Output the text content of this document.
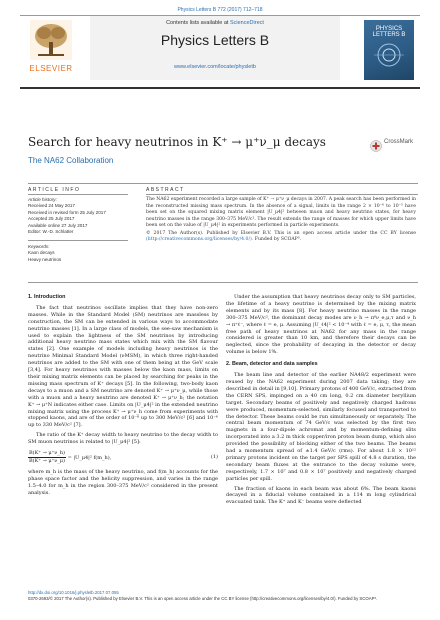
Physics Letters B 772 (2017) 712–718
ELSEVIER
Contents lists available at ScienceDirect
Physics Letters B
www.elsevier.com/locate/physletb
PHYSICS LETTERS B
Search for heavy neutrinos in K⁺ → μ⁺ν_μ decays
The NA62 Collaboration
CrossMark
ARTICLE INFO	ABSTRACT
Article history:
Received 24 May 2017
Received in revised form 25 July 2017
Accepted 25 July 2017
Available online 27 July 2017
Editor: W.-D. Schlatter
Keywords:
Kaon decays
Heavy neutrinos
The NA62 experiment recorded a large sample of K⁺ → μ⁺ν_μ decays in 2007. A peak search has been performed in the reconstructed missing mass spectrum. In the absence of a signal, limits in the range 2 × 10⁻⁶ to 10⁻⁵ have been set on the squared mixing matrix element |U_μ4|² between muon and heavy neutrino states, for heavy neutrino masses in the range 300–375 MeV/c². The result extends the range of masses for which upper limits have been set on the value of |U_μ4|² in experiments performed in particle experiments.
© 2017 The Author(s). Published by Elsevier B.V. This is an open access article under the CC BY license (http://creativecommons.org/licenses/by/4.0/). Funded by SCOAP³.
1. Introduction

The fact that neutrinos oscillate implies that they have non-zero masses. While in the Standard Model (SM) neutrinos are massless by construction, the SM can be extended in various ways to accommodate neutrino masses [1]. In a large class of models, the see-saw mechanism is used to explain the lightness of the SM neutrinos by introducing additional heavy neutrino mass states which mix with the SM flavour states [2]. One example of models including heavy neutrinos is the neutrino Minimal Standard Model (νMSM), in which three right-handed neutrinos are added to the SM with one of them being at the GeV scale [3,4]. For heavy neutrinos with masses below the kaon mass, limits on their mixing matrix elements can be placed by searching for peaks in the missing mass spectrum of K⁺ decays [5]. In the following, two-body kaon decays to a muon and a SM neutrino are denoted K⁺ → μ⁺ν_μ, while those with a muon and a heavy neutrino are denoted K⁺ → μ⁺ν_h; the notation K⁺ → μ⁺N indicates either case. Limits on |U_μ4|² in the extended neutrino mixing matrix using the process K⁺ → μ⁺ν_h come from experiments with stopped kaons, and are of the order of 10⁻⁸ up to 300 MeV/c² [6] and 10⁻⁶ up to 330 MeV/c² [7].

The ratio of the K⁺ decay width to heavy neutrino to the decay width to SM muon neutrinos is related to |U_μ4|² [5]:

$\frac{B(K^+ \to \mu^+\nu\_h)}{B(K^+ \to \mu^+\nu\_\mu)}$ = |U_μ4|² f(m_h),	(1)

where m_h is the mass of the heavy neutrino, and f(m_h) accounts for the phase space factor and the helicity suppression, and varies in the range 1.5–4.0 for m_h in the region 300–375 MeV/c² considered in the present analysis.

Under the assumption that heavy neutrinos decay only to SM particles, the lifetime of a heavy neutrino is determined by the mixing matrix elements and by its mass [8]. For heavy neutrino masses in the range 300–375 MeV/c², the dominant decay modes are ν_h → π⁰ν_e,μ,τ and ν_h → π⁺ℓ⁻, where ℓ = e, μ. Assuming |U_ℓ4|² < 10⁻⁴ with ℓ = e, μ, τ, the mean free path of heavy neutrinos at NA62 for any mass in the range considered is greater than 10 km, and therefore their decays can be neglected, since the probability of decaying in the detector or decay volume is below 1%.

2. Beam, detector and data samples

The beam line and detector of the earlier NA48/2 experiment were reused by the NA62 experiment during 2007 data taking; they are described in detail in [9,10]. Primary protons of 400 GeV/c, extracted from the CERN SPS, impinged on a 40 cm long, 0.2 cm diameter beryllium target. Secondary beams of positively and negatively charged hadrons were produced, momentum-selected, similarly focused and transported to the detector. These beams could be run simultaneously or separately. The central beam momentum of 74 GeV/c was selected by the first two magnets in a four-dipole achromat and by momentum-defining slits incorporated into a 3.2 m thick copper/iron proton beam dump, which also provided the possibility of blocking either of the two beams. The beams had a momentum spread of ±1.4 GeV/c (rms). For about 1.8 × 10¹² primary protons incident on the target per SPS spill of 4.8 s duration, the secondary beam fluxes at the entrance to the decay volume were, respectively, 1.7 × 10⁷ and 0.8 × 10⁷ positively and negatively charged particles per spill.

The fraction of kaons in each beam was about 6%. The beam kaons decayed in a fiducial volume contained in a 114 m long cylindrical evacuated tank. The K⁺ and K⁻ beams were deflected

http://dx.doi.org/10.1016/j.physletb.2017.07.055
0370-2693/© 2017 The Author(s). Published by Elsevier B.V. This is an open access article under the CC BY license (http://creativecommons.org/licenses/by/4.0/). Funded by SCOAP³.
